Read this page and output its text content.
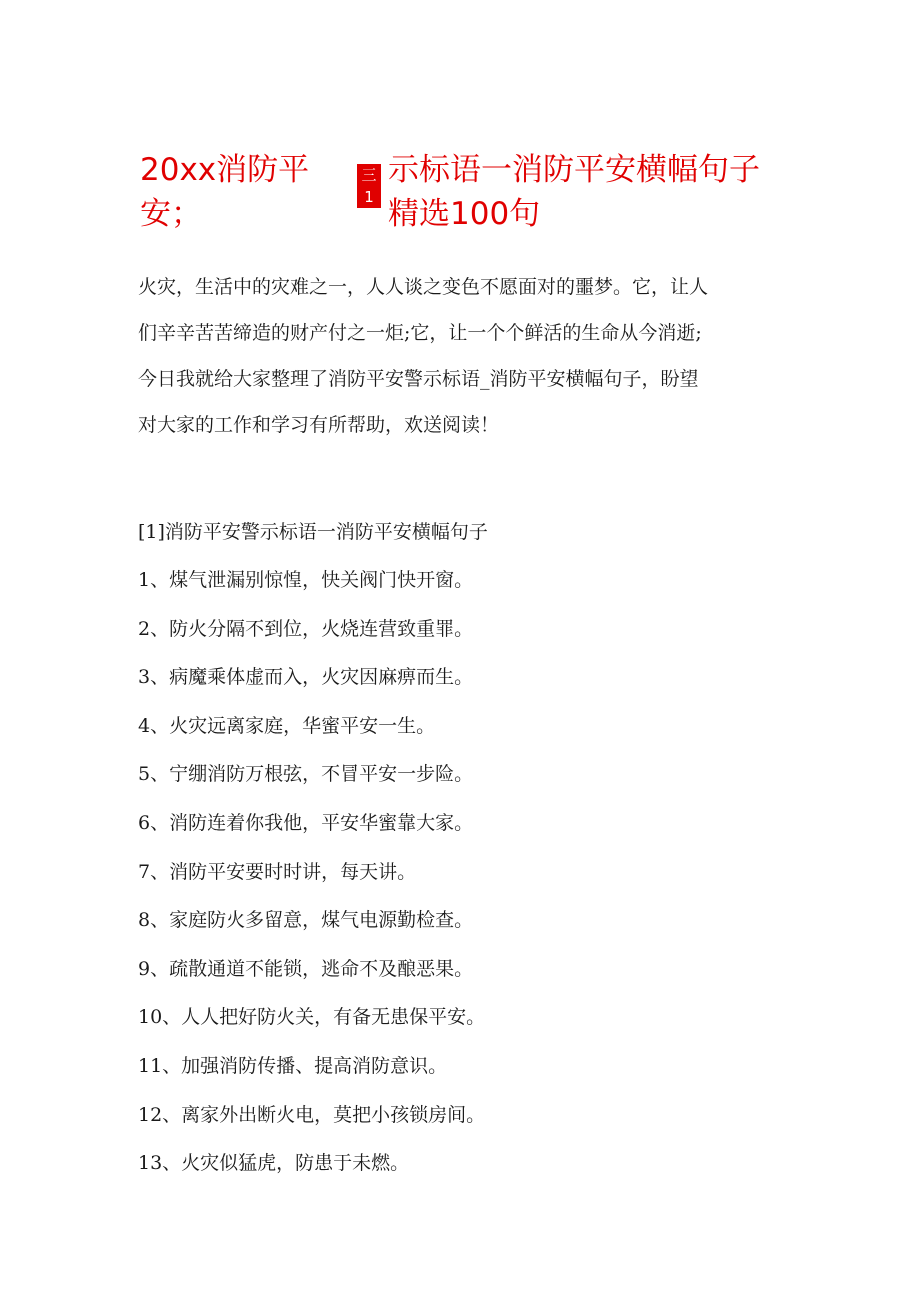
20xx消防平
安；
三
1
示标语一消防平安横幅句子
精选100句
火灾，生活中的灾难之一，人人谈之变色不愿面对的噩梦。它，让人
们辛辛苦苦缔造的财产付之一炬;它，让一个个鲜活的生命从今消逝;
今日我就给大家整理了消防平安警示标语_消防平安横幅句子，盼望
对大家的工作和学习有所帮助，欢送阅读！
[1]消防平安警示标语一消防平安横幅句子
1、煤气泄漏别惊惶，快关阀门快开窗。
2、防火分隔不到位，火烧连营致重罪。
3、病魔乘体虚而入，火灾因麻痹而生。
4、火灾远离家庭，华蜜平安一生。
5、宁绷消防万根弦，不冒平安一步险。
6、消防连着你我他，平安华蜜靠大家。
7、消防平安要时时讲，每天讲。
8、家庭防火多留意，煤气电源勤检查。
9、疏散通道不能锁，逃命不及酿恶果。
10、人人把好防火关，有备无患保平安。
11、加强消防传播、提高消防意识。
12、离家外出断火电，莫把小孩锁房间。
13、火灾似猛虎，防患于未燃。
